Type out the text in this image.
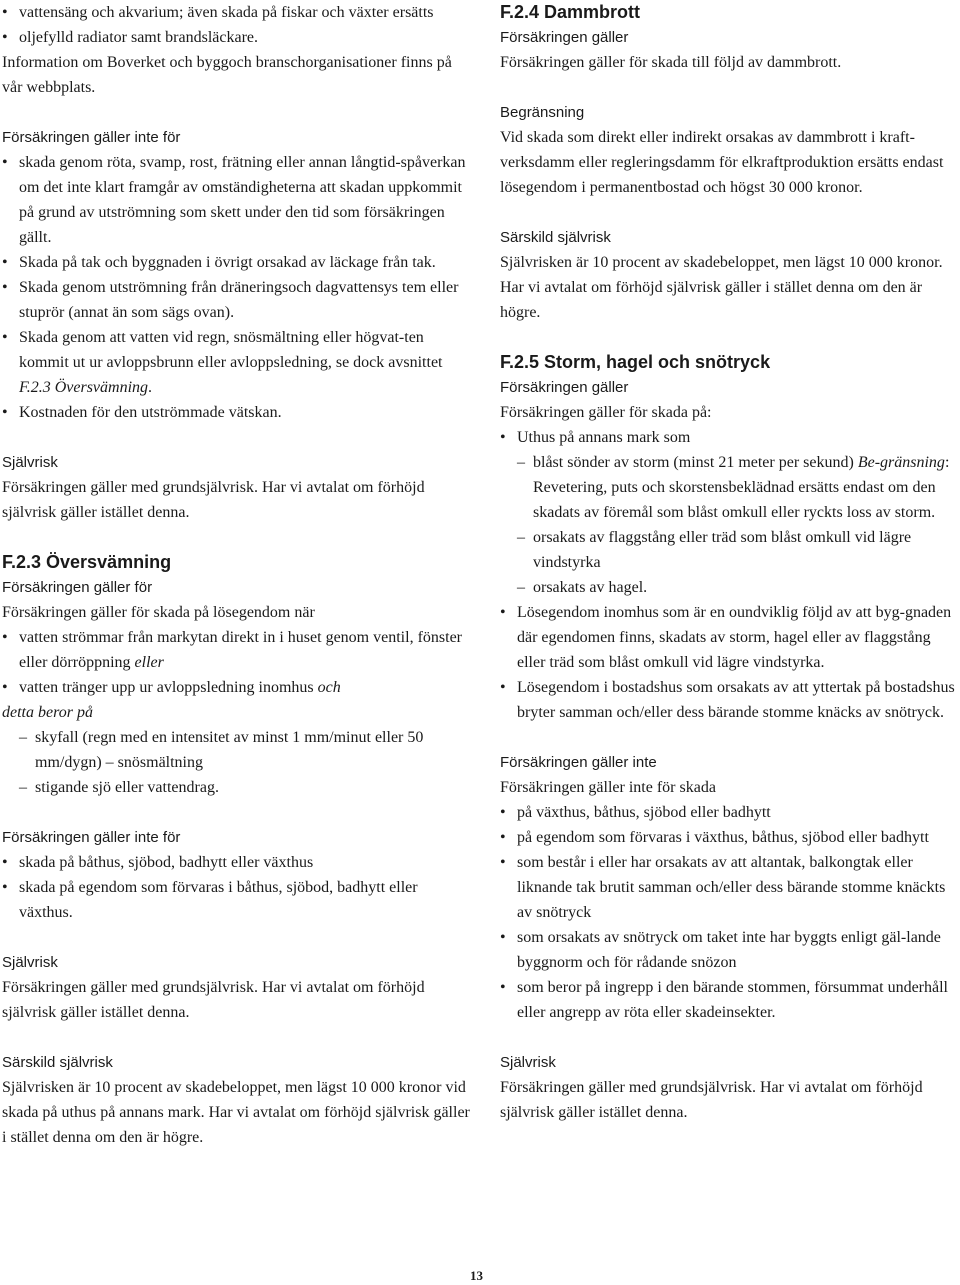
• vattensäng och akvarium; även skada på fiskar och växter ersätts

• oljefylld radiator samt brandsläckare.

Information om Boverket och byggoch branschorganisationer finns på vår webbplats.

Försäkringen gäller inte för

• skada genom röta, svamp, rost, frätning eller annan långtid-spåverkan om det inte klart framgår av omständigheterna att skadan uppkommit på grund av utströmning som skett under den tid som försäkringen gällt.

• Skada på tak och byggnaden i övrigt orsakad av läckage från tak.

• Skada genom utströmning från dräneringsoch dagvattensys tem eller stuprör (annat än som sägs ovan).

• Skada genom att vatten vid regn, snösmältning eller högvat-ten kommit ut ur avloppsbrunn eller avloppsledning, se dock avsnittet F.2.3 Översvämning.

• Kostnaden för den utströmmade vätskan.

Självrisk

Försäkringen gäller med grundsjälvrisk. Har vi avtalat om förhöjd självrisk gäller istället denna.

F.2.3 Översvämning

Försäkringen gäller för

Försäkringen gäller för skada på lösegendom när

• vatten strömmar från markytan direkt in i huset genom ventil, fönster eller dörröppning eller

• vatten tränger upp ur avloppsledning inomhus och

detta beror på

– skyfall (regn med en intensitet av minst 1 mm/minut eller 50 mm/dygn) – snösmältning

– stigande sjö eller vattendrag.

Försäkringen gäller inte för

• skada på båthus, sjöbod, badhytt eller växthus

• skada på egendom som förvaras i båthus, sjöbod, badhytt eller växthus.

Självrisk

Försäkringen gäller med grundsjälvrisk. Har vi avtalat om förhöjd självrisk gäller istället denna.

Särskild självrisk

Självrisken är 10 procent av skadebeloppet, men lägst 10 000 kronor vid skada på uthus på annans mark. Har vi avtalat om förhöjd självrisk gäller i stället denna om den är högre.

F.2.4 Dammbrott

Försäkringen gäller

Försäkringen gäller för skada till följd av dammbrott.

Begränsning

Vid skada som direkt eller indirekt orsakas av dammbrott i kraft-verksdamm eller regleringsdamm för elkraftproduktion ersätts endast lösegendom i permanentbostad och högst 30 000 kronor.

Särskild självrisk

Självrisken är 10 procent av skadebeloppet, men lägst 10 000 kronor. Har vi avtalat om förhöjd självrisk gäller i stället denna om den är högre.

F.2.5 Storm, hagel och snötryck

Försäkringen gäller

Försäkringen gäller för skada på:

• Uthus på annans mark som

– blåst sönder av storm (minst 21 meter per sekund) Be-gränsning: Revetering, puts och skorstensbeklädnad ersätts endast om den skadats av föremål som blåst omkull eller ryckts loss av storm.

– orsakats av flaggstång eller träd som blåst omkull vid lägre vindstyrka

– orsakats av hagel.

• Lösegendom inomhus som är en oundviklig följd av att byg-gnaden där egendomen finns, skadats av storm, hagel eller av flaggstång eller träd som blåst omkull vid lägre vindstyrka.

• Lösegendom i bostadshus som orsakats av att yttertak på bostadshus bryter samman och/eller dess bärande stomme knäcks av snötryck.

Försäkringen gäller inte

Försäkringen gäller inte för skada

• på växthus, båthus, sjöbod eller badhytt

• på egendom som förvaras i växthus, båthus, sjöbod eller badhytt

• som består i eller har orsakats av att altantak, balkongtak eller liknande tak brutit samman och/eller dess bärande stomme knäckts av snötryck

• som orsakats av snötryck om taket inte har byggts enligt gäl-lande byggnorm och för rådande snözon

• som beror på ingrepp i den bärande stommen, försummat underhåll eller angrepp av röta eller skadeinsekter.

Självrisk

Försäkringen gäller med grundsjälvrisk. Har vi avtalat om förhöjd självrisk gäller istället denna.

13
